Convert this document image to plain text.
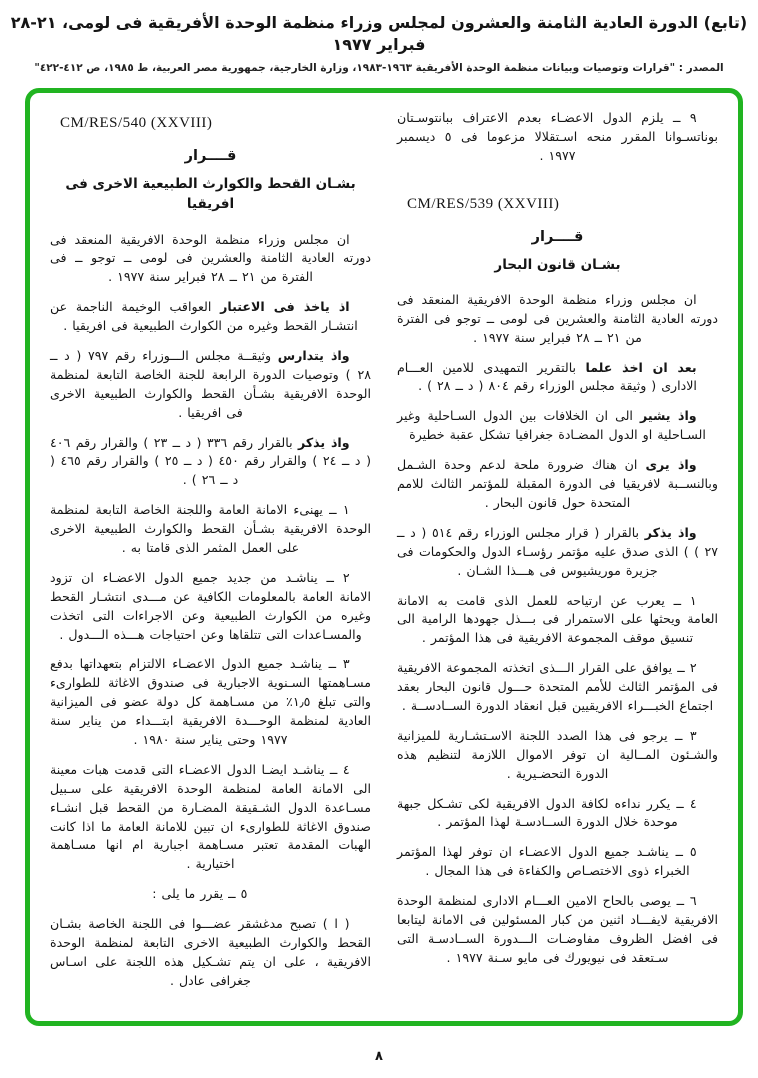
(تابع) الدورة العادية الثامنة والعشرون لمجلس وزراء منظمة الوحدة الأفريقية فى لومى، ٢١-٢٨ فبراير ١٩٧٧
المصدر : "قرارات وتوصيات وبيانات منظمة الوحدة الأفريقية ١٩٦٣-١٩٨٣، وزارة الخارجية، جمهورية مصر العربية، ط ١٩٨٥، ص ٤١٢-٤٢٢"
٩ ــ يلزم الدول الاعضـاء بعدم الاعتراف ببانتوسـتان بوناتسـوانا المقرر منحه اسـتقلالا مزعوما فى ٥ ديسمبر ١٩٧٧ .
CM/RES/539 (XXVIII)
قــــرار
بشـان قانون البحار
ان مجلس وزراء منظمة الوحدة الافريقية المنعقد فى دورته العادية الثامنة والعشرين فى لومى ــ توجو فى الفترة من ٢١ ــ ٢٨ فبراير سنة ١٩٧٧ .
بعد ان اخذ علما بالتقرير التمهيدى للامين العـــام الادارى ( وثيقة مجلس الوزراء رقم ٨٠٤ ( د ــ ٢٨ ) .
واذ يشير الى ان الخلافات بين الدول السـاحلية وغير السـاحلية او الدول المضـادة جغرافيا تشكل عقبة خطيرة
واذ يرى ان هناك ضرورة ملحة لدعم وحدة الشـمل وبالنســبة لافريقيا فى الدورة المقبلة للمؤتمر الثالث للامم المتحدة حول قانون البحار .
واذ يذكر بالقرار ( قرار مجلس الوزراء رقم ٥١٤ ( د ــ ٢٧ ) ) الذى صدق عليه مؤتمر رؤسـاء الدول والحكومات فى جزيرة موريشيوس فى هـــذا الشـان .
١ ــ يعرب عن ارتياحه للعمل الذى قامت به الامانة العامة ويحثها على الاستمرار فى بـــذل جهودها الرامية الى تنسيق موقف المجموعة الافريقية فى هذا المؤتمر .
٢ ــ يوافق على القرار الـــذى اتخذته المجموعة الافريقية فى المؤتمر الثالث للأمم المتحدة حـــول قانون البحار بعقد اجتماع الخبـــراء الافريقيين قبل انعقاد الدورة الســادســة .
٣ ــ يرجو فى هذا الصدد اللجنة الاسـتشـارية للميزانية والشـئون المــالية ان توفر الاموال اللازمة لتنظيم هذه الدورة التحضـيرية .
٤ ــ يكرر نداءه لكافة الدول الافريقية لكى تشـكل جبهة موحدة خلال الدورة الســادسـة لهذا المؤتمر .
٥ ــ يناشـد جميع الدول الاعضـاء ان توفر لهذا المؤتمر الخبراء ذوى الاختصـاص والكفاءة فى هذا المجال .
٦ ــ يوصى بالحاح الامين العـــام الادارى لمنظمة الوحدة الافريقية لايفـــاد اثنين من كبار المسئولين فى الامانة ليتابعا فى افضل الظروف مفاوضـات الـــدورة الســادسـة التى سـتعقد فى نيويورك فى مايو سـنة ١٩٧٧ .
CM/RES/540 (XXVIII)
قــــرار
بشـان القحط والكوارث الطبيعية الاخرى فى افريقيا
ان مجلس وزراء منظمة الوحدة الافريقية المنعقد فى دورته العادية الثامنة والعشرين فى لومى ــ توجو ــ فى الفترة من ٢١ ــ ٢٨ فبراير سنة ١٩٧٧ .
اذ ياخذ فى الاعتبار العواقب الوخيمة الناجمة عن انتشـار القحط وغيره من الكوارث الطبيعية فى افريقيا .
واذ يتدارس وثيقــة مجلس الـــوزراء رقم ٧٩٧ ( د ــ ٢٨ ) وتوصيات الدورة الرابعة للجنة الخاصة التابعة لمنظمة الوحدة الافريقية بشـأن القحط والكوارث الطبيعية الاخرى فى افريقيا .
واذ يذكر بالقرار رقم ٣٣٦ ( د ــ ٢٣ ) والقرار رقم ٤٠٦ ( د ــ ٢٤ ) والقرار رقم ٤٥٠ ( د ــ ٢٥ ) والقرار رقم ٤٦٥ ( د ــ ٢٦ ) .
١ ــ يهنىء الامانة العامة واللجنة الخاصة التابعة لمنظمة الوحدة الافريقية بشـأن القحط والكوارث الطبيعية الاخرى على العمل المثمر الذى قامتا به .
٢ ــ يناشـد من جديد جميع الدول الاعضـاء ان تزود الامانة العامة بالمعلومات الكافية عن مـــدى انتشـار القحط وغيره من الكوارث الطبيعية وعن الاجراءات التى اتخذت والمسـاعدات التى تتلقاها وعن احتياجات هـــذه الـــدول .
٣ ــ يناشـد جميع الدول الاعضـاء الالتزام بتعهداتها بدفع مسـاهمتها السـنوية الاجبارية فى صندوق الاغاثة للطوارىء والتى تبلغ ١٫٥٪ من مسـاهمة كل دولة عضو فى الميزانية العادية لمنظمة الوحـــدة الافريقية ابتـــداء من يناير سنة ١٩٧٧ وحتى يناير سنة ١٩٨٠ .
٤ ــ يناشـد ايضـا الدول الاعضـاء التى قدمت هبات معينة الى الامانة العامة لمنظمة الوحدة الافريقية على سـبيل مسـاعدة الدول الشـقيقة المضـارة من القحط قبل انشـاء صندوق الاغاثة للطوارىء ان تبين للامانة العامة ما اذا كانت الهبات المقدمة تعتبر مسـاهمة اجبارية ام انها مسـاهمة اختيارية .
٥ ــ يقرر ما يلى :
( ا ) تصبح مدغشقر عضـــوا فى اللجنة الخاصة بشـان القحط والكوارث الطبيعية الاخرى التابعة لمنظمة الوحدة الافريقية ، على ان يتم تشـكيل هذه اللجنة على اسـاس جغرافى عادل .
٨
